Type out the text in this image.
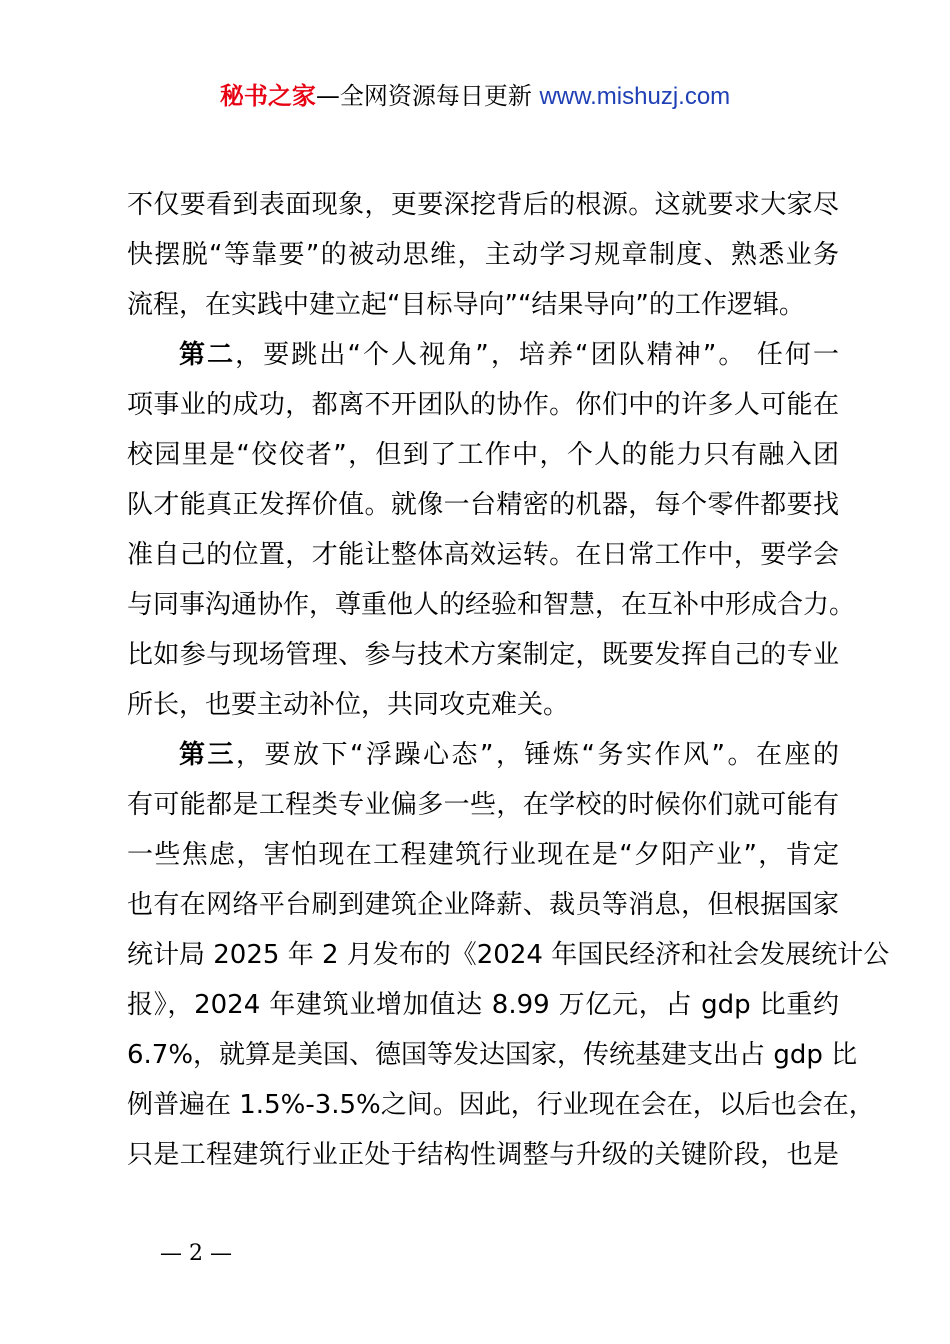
秘书之家—全网资源每日更新 www.mishuzj.com
不仅要看到表面现象，更要深挖背后的根源。这就要求大家尽
快摆脱“等靠要”的被动思维，主动学习规章制度、熟悉业务
流程，在实践中建立起“目标导向”“结果导向”的工作逻辑。
第二，要跳出“个人视角”，培养“团队精神”。 任何一
项事业的成功，都离不开团队的协作。你们中的许多人可能在
校园里是“佼佼者”，但到了工作中，个人的能力只有融入团
队才能真正发挥价值。就像一台精密的机器，每个零件都要找
准自己的位置，才能让整体高效运转。在日常工作中，要学会
与同事沟通协作，尊重他人的经验和智慧，在互补中形成合力。
比如参与现场管理、参与技术方案制定，既要发挥自己的专业
所长，也要主动补位，共同攻克难关。
第三，要放下“浮躁心态”，锤炼“务实作风”。在座的
有可能都是工程类专业偏多一些，在学校的时候你们就可能有
一些焦虑，害怕现在工程建筑行业现在是“夕阳产业”，肯定
也有在网络平台刷到建筑企业降薪、裁员等消息，但根据国家
统计局 2025 年 2 月发布的《2024 年国民经济和社会发展统计公
报》，2024 年建筑业增加值达 8.99 万亿元，占 gdp 比重约
6.7%，就算是美国、德国等发达国家，传统基建支出占 gdp 比
例普遍在 1.5%-3.5%之间。因此，行业现在会在，以后也会在，
只是工程建筑行业正处于结构性调整与升级的关键阶段，也是
— 2 —
